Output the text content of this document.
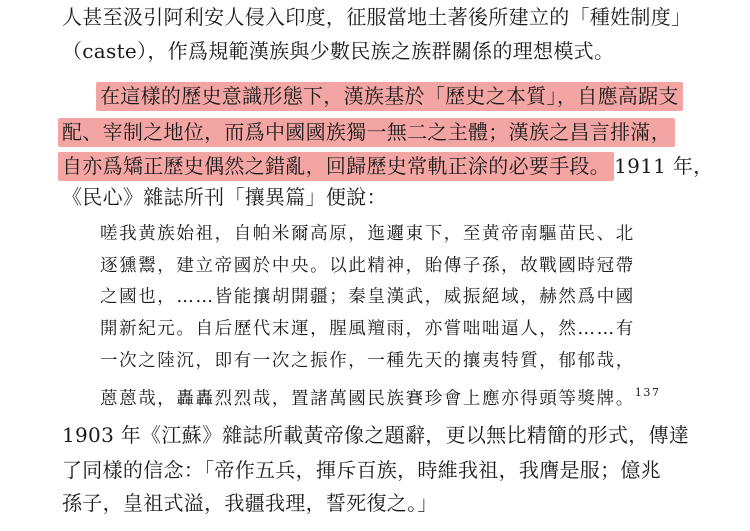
人甚至汲引阿利安人侵入印度，征服當地土著後所建立的「種姓制度」
（caste），作爲規範漢族與少數民族之族群關係的理想模式。
在這樣的歷史意識形態下，漢族基於「歷史之本質」，自應高踞支
配、宰制之地位，而爲中國國族獨一無二之主體；漢族之昌言排滿，
自亦爲矯正歷史偶然之錯亂，回歸歷史常軌正涂的必要手段。 1911 年，
《民心》雜誌所刊「攘異篇」便說：
嗟我黄族始祖，自帕米爾高原，迤邐東下，至黄帝南驅苗民、北
逐獯鬻，建立帝國於中央。以此精神，貽傳子孫，故戰國時冠帶
之國也，……皆能攘胡開疆；秦皇漢武，威振絕域，赫然爲中國
開新紀元。自后歷代末運，腥風羶雨，亦嘗咄咄逼人，然……有
一次之陸沉，即有一次之振作，一種先天的攘夷特質，郁郁哉，
蒽蒽哉，轟轟烈烈哉，置諸萬國民族賽珍會上應亦得頭等獎牌。$^{137}$
1903 年《江蘇》雜誌所載黃帝像之題辭，更以無比精簡的形式，傳達
了同樣的信念：「帝作五兵，揮斥百族，時維我祖，我膺是服；億兆
孫子，皇祖式溢，我疆我理，誓死復之。」
